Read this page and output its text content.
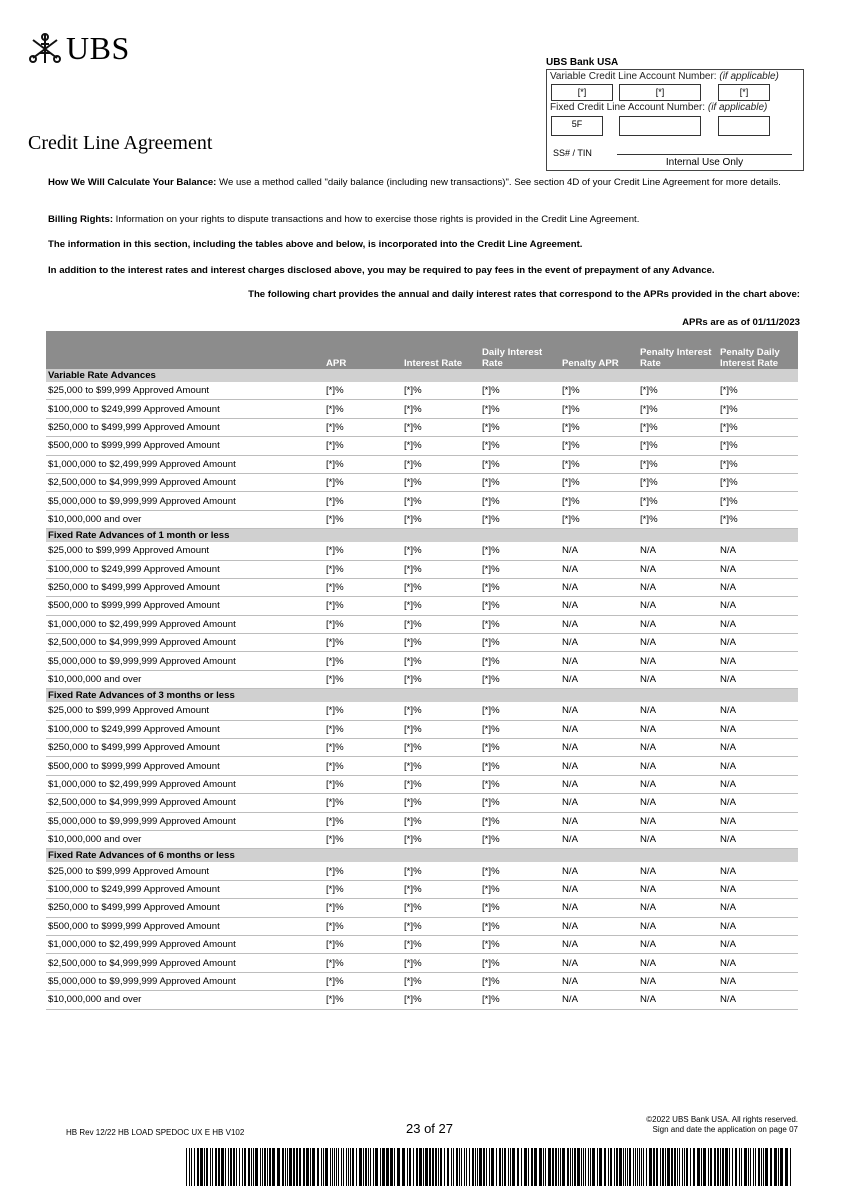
UBS
Credit Line Agreement
UBS Bank USA
Variable Credit Line Account Number: (if applicable)
[*]	[*]	[*]
Fixed Credit Line Account Number: (if applicable)
5F
SS# / TIN
Internal Use Only
How We Will Calculate Your Balance: We use a method called "daily balance (including new transactions)". See section 4D of your Credit Line Agreement for more details.
Billing Rights: Information on your rights to dispute transactions and how to exercise those rights is provided in the Credit Line Agreement.
The information in this section, including the tables above and below, is incorporated into the Credit Line Agreement.
In addition to the interest rates and interest charges disclosed above, you may be required to pay fees in the event of prepayment of any Advance.
The following chart provides the annual and daily interest rates that correspond to the APRs provided in the chart above:
APRs are as of 01/11/2023
	APR	Interest Rate	Daily Interest Rate	Penalty APR	Penalty Interest Rate	Penalty Daily Interest Rate
Variable Rate Advances						
$25,000 to $99,999 Approved Amount	[*]%	[*]%	[*]%	[*]%	[*]%	[*]%
$100,000 to $249,999 Approved Amount	[*]%	[*]%	[*]%	[*]%	[*]%	[*]%
$250,000 to $499,999 Approved Amount	[*]%	[*]%	[*]%	[*]%	[*]%	[*]%
$500,000 to $999,999 Approved Amount	[*]%	[*]%	[*]%	[*]%	[*]%	[*]%
$1,000,000 to $2,499,999 Approved Amount	[*]%	[*]%	[*]%	[*]%	[*]%	[*]%
$2,500,000 to $4,999,999 Approved Amount	[*]%	[*]%	[*]%	[*]%	[*]%	[*]%
$5,000,000 to $9,999,999 Approved Amount	[*]%	[*]%	[*]%	[*]%	[*]%	[*]%
$10,000,000 and over	[*]%	[*]%	[*]%	[*]%	[*]%	[*]%
Fixed Rate Advances of 1 month or less						
$25,000 to $99,999 Approved Amount	[*]%	[*]%	[*]%	N/A	N/A	N/A
$100,000 to $249,999 Approved Amount	[*]%	[*]%	[*]%	N/A	N/A	N/A
$250,000 to $499,999 Approved Amount	[*]%	[*]%	[*]%	N/A	N/A	N/A
$500,000 to $999,999 Approved Amount	[*]%	[*]%	[*]%	N/A	N/A	N/A
$1,000,000 to $2,499,999 Approved Amount	[*]%	[*]%	[*]%	N/A	N/A	N/A
$2,500,000 to $4,999,999 Approved Amount	[*]%	[*]%	[*]%	N/A	N/A	N/A
$5,000,000 to $9,999,999 Approved Amount	[*]%	[*]%	[*]%	N/A	N/A	N/A
$10,000,000 and over	[*]%	[*]%	[*]%	N/A	N/A	N/A
Fixed Rate Advances of 3 months or less						
$25,000 to $99,999 Approved Amount	[*]%	[*]%	[*]%	N/A	N/A	N/A
$100,000 to $249,999 Approved Amount	[*]%	[*]%	[*]%	N/A	N/A	N/A
$250,000 to $499,999 Approved Amount	[*]%	[*]%	[*]%	N/A	N/A	N/A
$500,000 to $999,999 Approved Amount	[*]%	[*]%	[*]%	N/A	N/A	N/A
$1,000,000 to $2,499,999 Approved Amount	[*]%	[*]%	[*]%	N/A	N/A	N/A
$2,500,000 to $4,999,999 Approved Amount	[*]%	[*]%	[*]%	N/A	N/A	N/A
$5,000,000 to $9,999,999 Approved Amount	[*]%	[*]%	[*]%	N/A	N/A	N/A
$10,000,000 and over	[*]%	[*]%	[*]%	N/A	N/A	N/A
Fixed Rate Advances of 6 months or less						
$25,000 to $99,999 Approved Amount	[*]%	[*]%	[*]%	N/A	N/A	N/A
$100,000 to $249,999 Approved Amount	[*]%	[*]%	[*]%	N/A	N/A	N/A
$250,000 to $499,999 Approved Amount	[*]%	[*]%	[*]%	N/A	N/A	N/A
$500,000 to $999,999 Approved Amount	[*]%	[*]%	[*]%	N/A	N/A	N/A
$1,000,000 to $2,499,999 Approved Amount	[*]%	[*]%	[*]%	N/A	N/A	N/A
$2,500,000 to $4,999,999 Approved Amount	[*]%	[*]%	[*]%	N/A	N/A	N/A
$5,000,000 to $9,999,999 Approved Amount	[*]%	[*]%	[*]%	N/A	N/A	N/A
$10,000,000 and over	[*]%	[*]%	[*]%	N/A	N/A	N/A
HB Rev 12/22 HB LOAD SPEDOC UX E HB V102	23 of 27
©2022 UBS Bank USA. All rights reserved.
Sign and date the application on page 07
